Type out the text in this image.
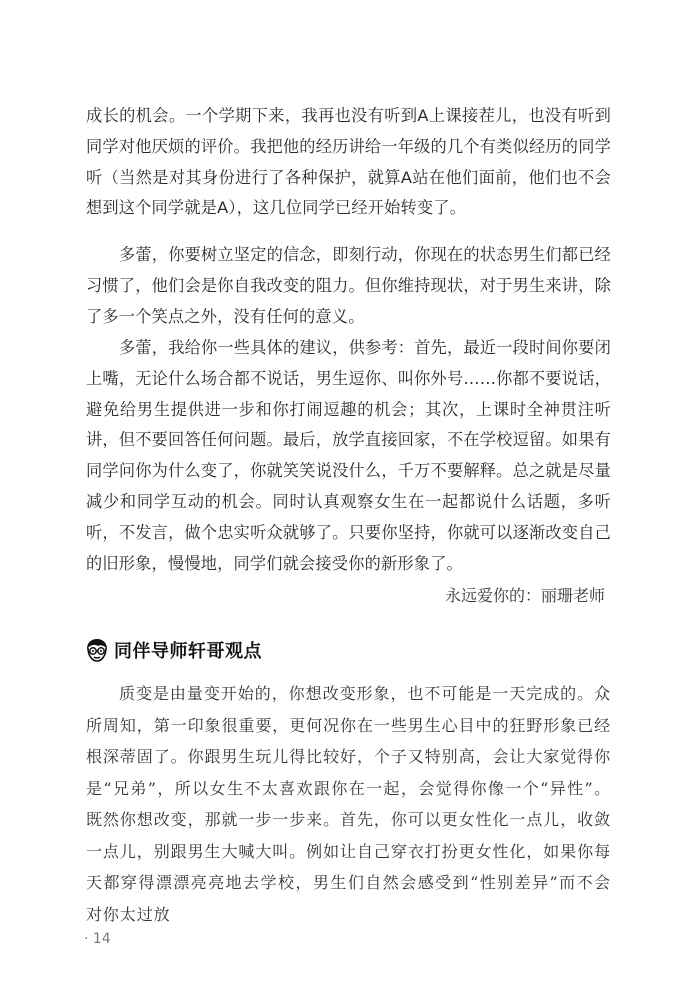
成长的机会。一个学期下来，我再也没有听到A上课接茬儿，也没有听到同学对他厌烦的评价。我把他的经历讲给一年级的几个有类似经历的同学听（当然是对其身份进行了各种保护，就算A站在他们面前，他们也不会想到这个同学就是A），这几位同学已经开始转变了。

多蕾，你要树立坚定的信念，即刻行动，你现在的状态男生们都已经习惯了，他们会是你自我改变的阻力。但你维持现状，对于男生来讲，除了多一个笑点之外，没有任何的意义。

多蕾，我给你一些具体的建议，供参考：首先，最近一段时间你要闭上嘴，无论什么场合都不说话，男生逗你、叫你外号……你都不要说话，避免给男生提供进一步和你打闹逗趣的机会；其次，上课时全神贯注听讲，但不要回答任何问题。最后，放学直接回家，不在学校逗留。如果有同学问你为什么变了，你就笑笑说没什么，千万不要解释。总之就是尽量减少和同学互动的机会。同时认真观察女生在一起都说什么话题，多听听，不发言，做个忠实听众就够了。只要你坚持，你就可以逐渐改变自己的旧形象，慢慢地，同学们就会接受你的新形象了。

永远爱你的：丽珊老师

同伴导师轩哥观点

质变是由量变开始的，你想改变形象，也不可能是一天完成的。众所周知，第一印象很重要，更何况你在一些男生心目中的狂野形象已经根深蒂固了。你跟男生玩儿得比较好，个子又特别高，会让大家觉得你是“兄弟”，所以女生不太喜欢跟你在一起，会觉得你像一个“异性”。既然你想改变，那就一步一步来。首先，你可以更女性化一点儿，收敛一点儿，别跟男生大喊大叫。例如让自己穿衣打扮更女性化，如果你每天都穿得漂漂亮亮地去学校，男生们自然会感受到“性别差异”而不会对你太过放

· 14
